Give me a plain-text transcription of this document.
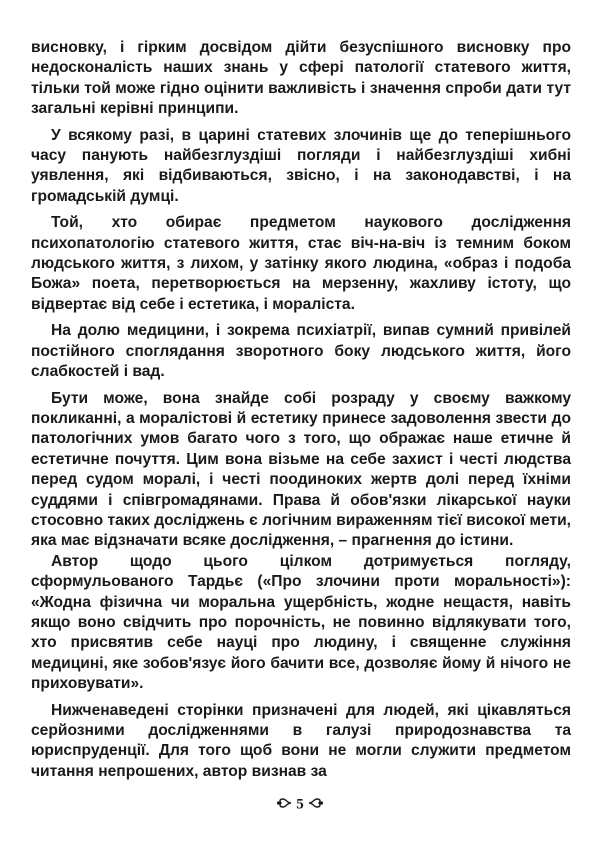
висновку, і гірким досвідом дійти безуспішного висновку про недосконалість наших знань у сфері патології статевого життя, тільки той може гідно оцінити важливість і значення спроби дати тут загальні керівні принципи.

У всякому разі, в царині статевих злочинів ще до теперішнього часу панують найбезглуздіші погляди і найбезглуздіші хибні уявлення, які відбиваються, звісно, і на законодавстві, і на громадській думці.

Той, хто обирає предметом наукового дослідження психопатологію статевого життя, стає віч-на-віч із темним боком людського життя, з лихом, у затінку якого людина, «образ і подоба Божа» поета, перетворюється на мерзенну, жахливу істоту, що відвертає від себе і естетика, і мораліста.

На долю медицини, і зокрема психіатрії, випав сумний привілей постійного споглядання зворотного боку людського життя, його слабкостей і вад.

Бути може, вона знайде собі розраду у своєму важкому покликанні, а моралістові й естетику принесе задоволення звести до патологічних умов багато чого з того, що ображає наше етичне й естетичне почуття. Цим вона візьме на себе захист і честі людства перед судом моралі, і честі поодиноких жертв долі перед їхніми суддями і співгромадянами. Права й обов'язки лікарської науки стосовно таких досліджень є логічним вираженням тієї високої мети, яка має відзначати всяке дослідження, – прагнення до істини.

Автор щодо цього цілком дотримується погляду, сформульованого Тардьє («Про злочини проти моральності»): «Жодна фізична чи моральна ущербність, жодне нещастя, навіть якщо воно свідчить про порочність, не повинно відлякувати того, хто присвятив себе науці про людину, і священне служіння медицині, яке зобов'язує його бачити все, дозволяє йому й нічого не приховувати».

Нижченаведені сторінки призначені для людей, які цікавляться серйозними дослідженнями в галузі природознавства та юриспруденції. Для того щоб вони не могли служити предметом читання непрошених, автор визнав за

5
